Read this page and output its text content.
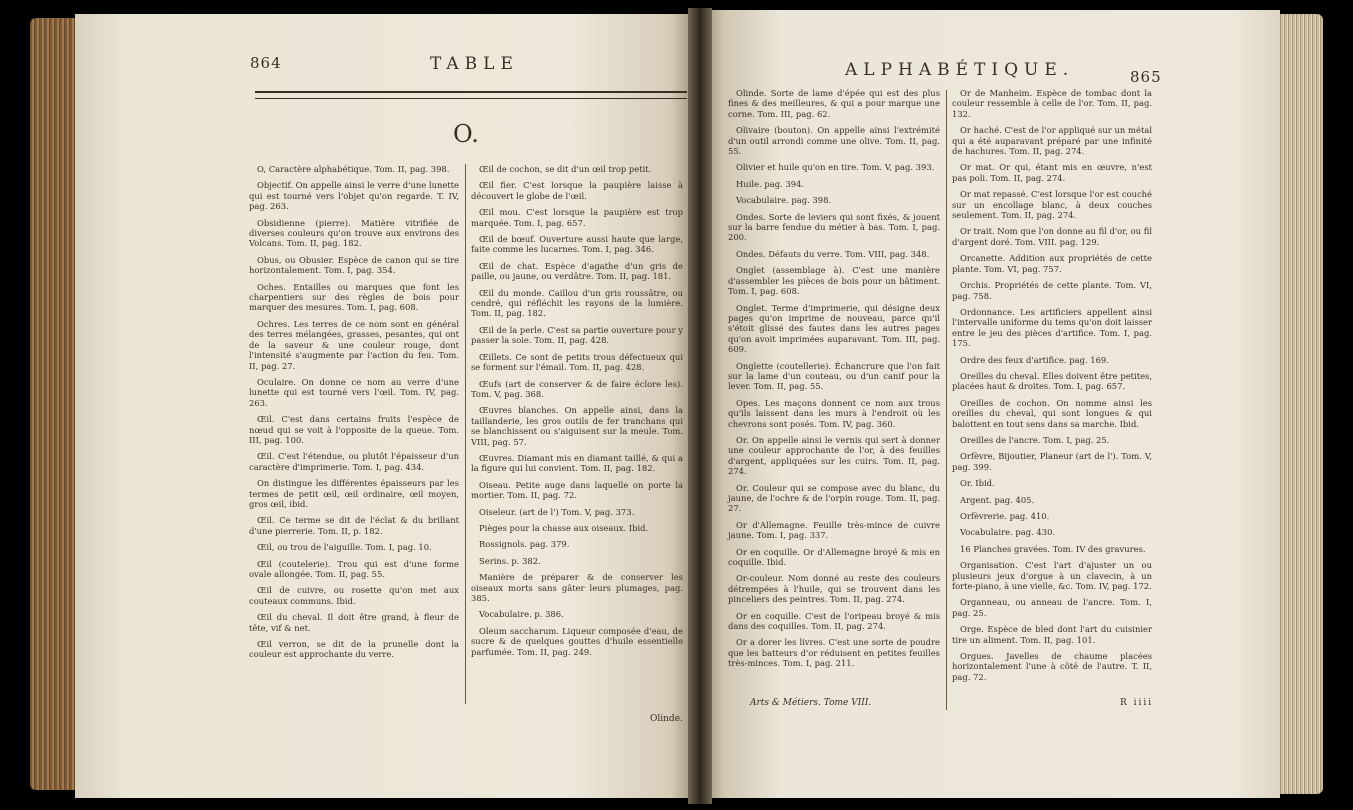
864	TABLE
O.

O, Caractère alphabétique. Tom. II, pag. 398.

Objectif. On appelle ainsi le verre d'une lunette qui est tourné vers l'objet qu'on regarde. T. IV, pag. 263.

Obsidienne (pierre). Matière vitrifiée de diverses couleurs qu'on trouve aux environs des Volcans. Tom. II, pag. 182.

Obus, ou Obusier. Espèce de canon qui se tire horizontalement. Tom. I, pag. 354.

Oches. Entailles ou marques que font les charpentiers sur des règles de bois pour marquer des mesures. Tom. I, pag. 608.

Ochres. Les terres de ce nom sont en général des terres mélangées, grasses, pesantes, qui ont de la saveur & une couleur rouge, dont l'intensité s'augmente par l'action du feu. Tom. II, pag. 27.

Oculaire. On donne ce nom au verre d'une lunette qui est tourné vers l'œil. Tom. IV, pag. 263.

Œil. C'est dans certains fruits l'espèce de nœud qui se voit à l'opposite de la queue. Tom. III, pag. 100.

Œil. C'est l'étendue, ou plutôt l'épaisseur d'un caractère d'imprimerie. Tom. I, pag. 434.

On distingue les différentes épaisseurs par les termes de petit œil, œil ordinaire, œil moyen, gros œil, ibid.

Œil. Ce terme se dit de l'éclat & du brillant d'une pierrerie. Tom. II, p. 182.

Œil, ou trou de l'aiguille. Tom. I, pag. 10.

Œil (coutelerie). Trou qui est d'une forme ovale allongée. Tom. II, pag. 55.

Œil de cuivre, ou rosette qu'on met aux couteaux communs. Ibid.

Œil du cheval. Il doit être grand, à fleur de tête, vif & net.

Œil verron, se dit de la prunelle dont la couleur est approchante du verre.

Œil de cochon, se dit d'un œil trop petit.

Œil fier. C'est lorsque la paupière laisse à découvert le globe de l'œil.

Œil mou. C'est lorsque la paupière est trop marquée. Tom. I, pag. 657.

Œil de bœuf. Ouverture aussi haute que large, faite comme les lucarnes. Tom. I, pag. 346.

Œil de chat. Espèce d'agathe d'un gris de paille, ou jaune, ou verdâtre. Tom. II, pag. 181.

Œil du monde. Caillou d'un gris roussâtre, ou cendré, qui réfléchit les rayons de la lumière. Tom. II, pag. 182.

Œil de la perle. C'est sa partie ouverture pour y passer la soie. Tom. II, pag. 428.

Œillets. Ce sont de petits trous défectueux qui se forment sur l'émail. Tom. II, pag. 428.

Œufs (art de conserver & de faire éclore les). Tom. V, pag. 368.

Œuvres blanches. On appelle ainsi, dans la taillanderie, les gros outils de fer tranchans qui se blanchissent ou s'aiguisent sur la meule. Tom. VIII, pag. 57.

Œuvres. Diamant mis en diamant taillé, & qui a la figure qui lui convient. Tom. II, pag. 182.

Oiseau. Petite auge dans laquelle on porte la mortier. Tom. II, pag. 72.

Oiseleur. (art de l') Tom. V, pag. 373.

Pièges pour la chasse aux oiseaux. Ibid.

Rossignols. pag. 379.

Serins. p. 382.

Manière de préparer & de conserver les oiseaux morts sans gâter leurs plumages, pag. 385.

Vocabulaire. p. 386.

Oleum saccharum. Liqueur composée d'eau, de sucre & de quelques gouttes d'huile essentielle parfumée. Tom. II, pag. 249.

Olinde.
ALPHABÉTIQUE.	865

Olinde. Sorte de lame d'épée qui est des plus fines & des meilleures, & qui a pour marque une corne. Tom. III, pag. 62.

Olivaire (bouton). On appelle ainsi l'extrémité d'un outil arrondi comme une olive. Tom. II, pag. 55.

Olivier et huile qu'on en tire. Tom. V, pag. 393.

Huile. pag. 394.

Vocabulaire. pag. 398.

Ondes. Sorte de leviers qui sont fixés, & jouent sur la barre fendue du métier à bas. Tom. I, pag. 200.

Ondes. Défauts du verre. Tom. VIII, pag. 348.

Onglet (assemblage à). C'est une manière d'assembler les pièces de bois pour un bâtiment. Tom. I, pag. 608.

Onglet. Terme d'imprimerie, qui désigne deux pages qu'on imprime de nouveau, parce qu'il s'étoit glissé des fautes dans les autres pages qu'on avoit imprimées auparavant. Tom. III, pag. 609.

Onglette (coutellerie). Échancrure que l'on fait sur la lame d'un couteau, ou d'un canif pour la lever. Tom. II, pag. 55.

Opes. Les maçons donnent ce nom aux trous qu'ils laissent dans les murs à l'endroit où les chevrons sont posés. Tom. IV, pag. 360.

Or. On appelle ainsi le vernis qui sert à donner une couleur approchante de l'or, à des feuilles d'argent, appliquées sur les cuirs. Tom. II, pag. 274.

Or. Couleur qui se compose avec du blanc, du jaune, de l'ochre & de l'orpin rouge. Tom. II, pag. 27.

Or d'Allemagne. Feuille très-mince de cuivre jaune. Tom. I, pag. 337.

Or en coquille. Or d'Allemagne broyé & mis en coquille. Ibid.

Or-couleur. Nom donné au reste des couleurs détrempées à l'huile, qui se trouvent dans les pinceliers des peintres. Tom. II, pag. 274.

Or en coquille. C'est de l'oripeau broyé & mis dans des coquilles. Tom. II, pag. 274.

Or a dorer les livres. C'est une sorte de poudre que les batteurs d'or réduisent en petites feuilles très-minces. Tom. I, pag. 211.

Or de Manheim. Espèce de tombac dont la couleur ressemble à celle de l'or. Tom. II, pag. 132.

Or haché. C'est de l'or appliqué sur un métal qui a été auparavant préparé par une infinité de hachures. Tom. II, pag. 274.

Or mat. Or qui, étant mis en œuvre, n'est pas poli. Tom. II, pag. 274.

Or mat repassé. C'est lorsque l'or est couché sur un encollage blanc, à deux couches seulement. Tom. II, pag. 274.

Or trait. Nom que l'on donne au fil d'or, ou fil d'argent doré. Tom. VIII. pag. 129.

Orcanette. Addition aux propriétés de cette plante. Tom. VI, pag. 757.

Orchis. Propriétés de cette plante. Tom. VI, pag. 758.

Ordonnance. Les artificiers appellent ainsi l'intervalle uniforme du tems qu'on doit laisser entre le jeu des pièces d'artifice. Tom. I, pag. 175.

Ordre des feux d'artifice. pag. 169.

Oreilles du cheval. Elles doivent être petites, placées haut & droites. Tom. I, pag. 657.

Oreilles de cochon. On nomme ainsi les oreilles du cheval, qui sont longues & qui balottent en tout sens dans sa marche. Ibid.

Oreilles de l'ancre. Tom. I, pag. 25.

Orfèvre, Bijoutier, Planeur (art de l'). Tom. V, pag. 399.

Or. Ibid.

Argent. pag. 405.

Orfèvrerie. pag. 410.

Vocabulaire. pag. 430.

16 Planches gravées. Tom. IV des gravures.

Organisation. C'est l'art d'ajuster un ou plusieurs jeux d'orgue à un clavecin, à un forte-piano, à une vielle, &c. Tom. IV, pag. 172.

Organneau, ou anneau de l'ancre. Tom. I, pag. 25.

Orge. Espèce de bled dont l'art du cuisinier tire un aliment. Tom. II, pag. 101.

Orgues. Javelles de chaume placées horizontalement l'une à côté de l'autre. T. II, pag. 72.

Arts & Métiers. Tome VIII.	R iiii
